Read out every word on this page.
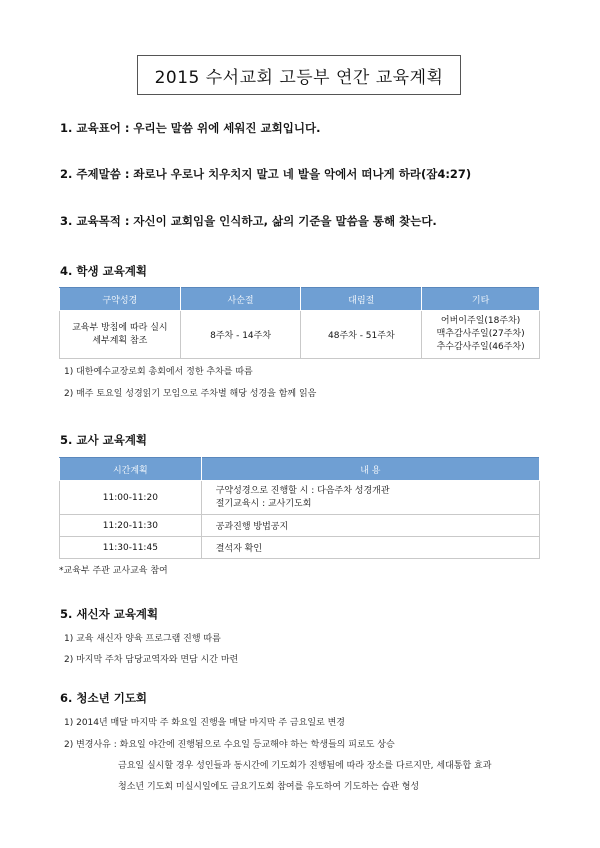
2015 수서교회 고등부 연간 교육계획
1. 교육표어 : 우리는 말씀 위에 세워진 교회입니다.
2. 주제말씀 : 좌로나 우로나 치우치지 말고 네 발을 악에서 떠나게 하라(잠4:27)
3. 교육목적 : 자신이 교회임을 인식하고, 삶의 기준을 말씀을 통해 찾는다.
4. 학생 교육계획
구약성경	사순절	대림절	기타

교육부 방침에 따라 실시
세부계획 참조	8주차 - 14주차	48주차 - 51주차	어버이주일(18주차)
맥추감사주일(27주차)
추수감사주일(46주차)
1) 대한예수교장로회 총회에서 정한 추차를 따름
2) 매주 토요일 성경읽기 모임으로 주차별 해당 성경을 함께 읽음
5. 교사 교육계획
시간계획	내 용
11:00-11:20	구약성경으로 진행할 시 : 다음주차 성경개관
절기교육시 : 교사기도회

11:20-11:30	공과진행 방법공지
11:30-11:45	결석자 확인
*교육부 주관 교사교육 참여
5. 새신자 교육계획
1) 교육 새신자 양육 프로그램 진행 따름
2) 마지막 주차 담당교역자와 면담 시간 마련
6. 청소년 기도회
1) 2014년 매달 마지막 주 화요일 진행을 매달 마지막 주 금요일로 변경
2) 변경사유 : 화요일 야간에 진행됨으로 수요일 등교해야 하는 학생들의 피로도 상승
금요일 실시할 경우 성인들과 동시간에 기도회가 진행됨에 따라 장소를 다르지만, 세대통합 효과
청소년 기도회 미실시일에도 금요기도회 참여를 유도하여 기도하는 습관 형성
